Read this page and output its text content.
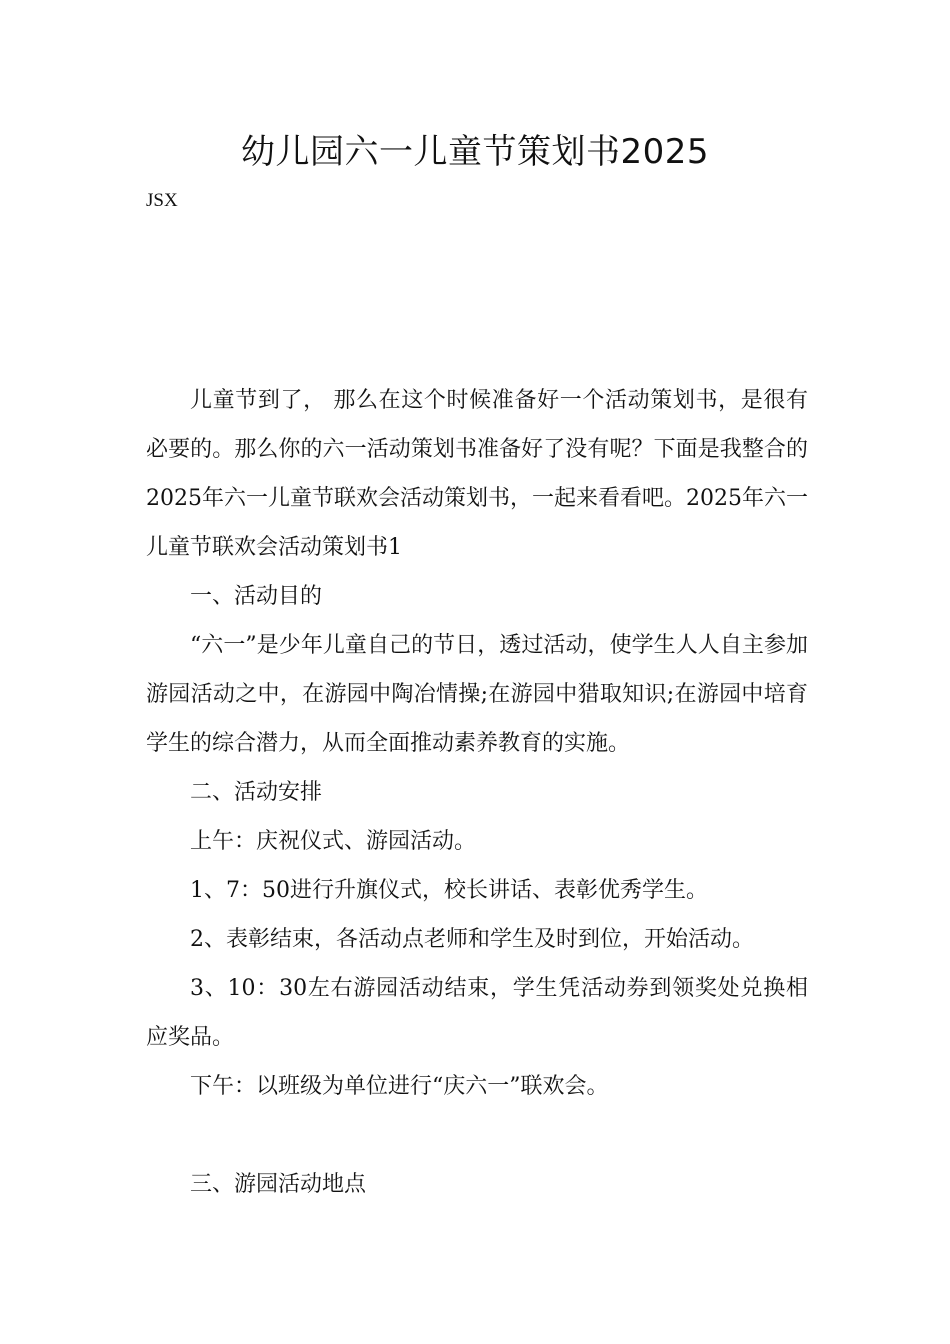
幼儿园六一儿童节策划书2025

JSX

儿童节到了， 那么在这个时候准备好一个活动策划书，是很有必要的。那么你的六一活动策划书准备好了没有呢？下面是我整合的2025年六一儿童节联欢会活动策划书，一起来看看吧。2025年六一儿童节联欢会活动策划书1

一、活动目的

“六一”是少年儿童自己的节日，透过活动，使学生人人自主参加游园活动之中，在游园中陶冶情操;在游园中猎取知识;在游园中培育学生的综合潜力，从而全面推动素养教育的实施。

二、活动安排

上午：庆祝仪式、游园活动。

1、7：50进行升旗仪式，校长讲话、表彰优秀学生。

2、表彰结束，各活动点老师和学生及时到位，开始活动。

3、10：30左右游园活动结束，学生凭活动券到领奖处兑换相应奖品。

下午：以班级为单位进行“庆六一”联欢会。

三、游园活动地点
